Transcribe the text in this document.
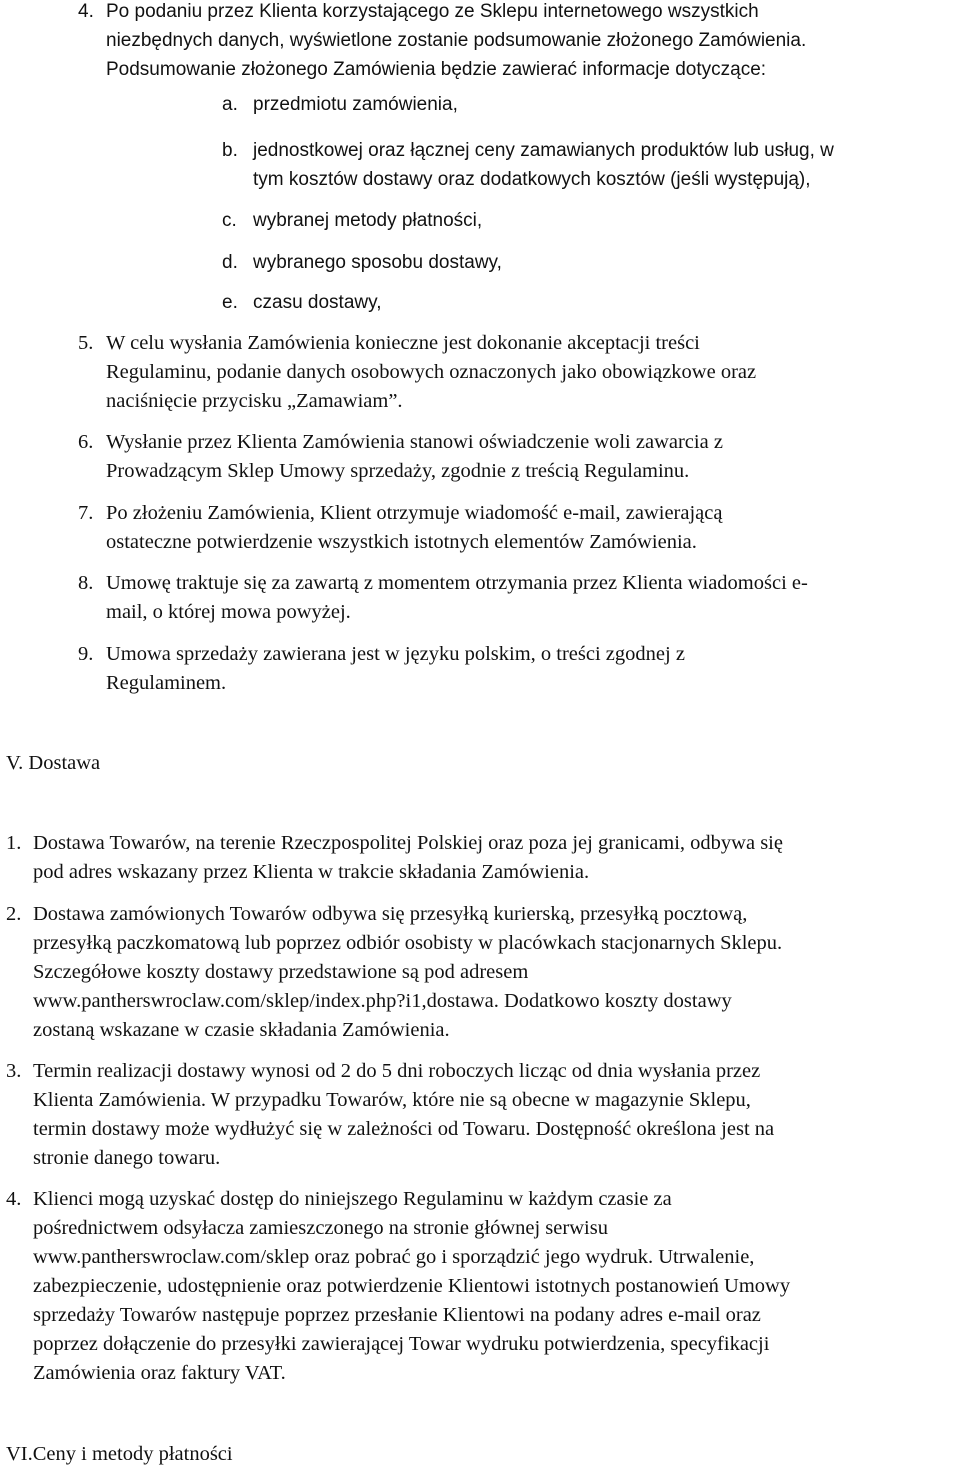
4. Po podaniu przez Klienta korzystającego ze Sklepu internetowego wszystkich
niezbędnych danych, wyświetlone zostanie podsumowanie złożonego Zamówienia.
Podsumowanie złożonego Zamówienia będzie zawierać informacje dotyczące:
a. przedmiotu zamówienia,
b. jednostkowej oraz łącznej ceny zamawianych produktów lub usług, w
tym kosztów dostawy oraz dodatkowych kosztów (jeśli występują),
c. wybranej metody płatności,
d. wybranego sposobu dostawy,
e. czasu dostawy,
5. W celu wysłania Zamówienia konieczne jest dokonanie akceptacji treści
Regulaminu, podanie danych osobowych oznaczonych jako obowiązkowe oraz
naciśnięcie przycisku „Zamawiam”.
6. Wysłanie przez Klienta Zamówienia stanowi oświadczenie woli zawarcia z
Prowadzącym Sklep Umowy sprzedaży, zgodnie z treścią Regulaminu.
7. Po złożeniu Zamówienia, Klient otrzymuje wiadomość e-mail, zawierającą
ostateczne potwierdzenie wszystkich istotnych elementów Zamówienia.
8. Umowę traktuje się za zawartą z momentem otrzymania przez Klienta wiadomości e-
mail, o której mowa powyżej.
9. Umowa sprzedaży zawierana jest w języku polskim, o treści zgodnej z
Regulaminem.
V. Dostawa
1. Dostawa Towarów, na terenie Rzeczpospolitej Polskiej oraz poza jej granicami, odbywa się
pod adres wskazany przez Klienta w trakcie składania Zamówienia.
2. Dostawa zamówionych Towarów odbywa się przesyłką kurierską, przesyłką pocztową,
przesyłką paczkomatową lub poprzez odbiór osobisty w placówkach stacjonarnych Sklepu.
Szczegółowe koszty dostawy przedstawione są pod adresem
www.pantherswroclaw.com/sklep/index.php?i1,dostawa. Dodatkowo koszty dostawy
zostaną wskazane w czasie składania Zamówienia.
3. Termin realizacji dostawy wynosi od 2 do 5 dni roboczych licząc od dnia wysłania przez
Klienta Zamówienia. W przypadku Towarów, które nie są obecne w magazynie Sklepu,
termin dostawy może wydłużyć się w zależności od Towaru. Dostępność określona jest na
stronie danego towaru.
4. Klienci mogą uzyskać dostęp do niniejszego Regulaminu w każdym czasie za
pośrednictwem odsyłacza zamieszczonego na stronie głównej serwisu
www.pantherswroclaw.com/sklep oraz pobrać go i sporządzić jego wydruk. Utrwalenie,
zabezpieczenie, udostępnienie oraz potwierdzenie Klientowi istotnych postanowień Umowy
sprzedaży Towarów następuje poprzez przesłanie Klientowi na podany adres e-mail oraz
poprzez dołączenie do przesyłki zawierającej Towar wydruku potwierdzenia, specyfikacji
Zamówienia oraz faktury VAT.
VI.Ceny i metody płatności
